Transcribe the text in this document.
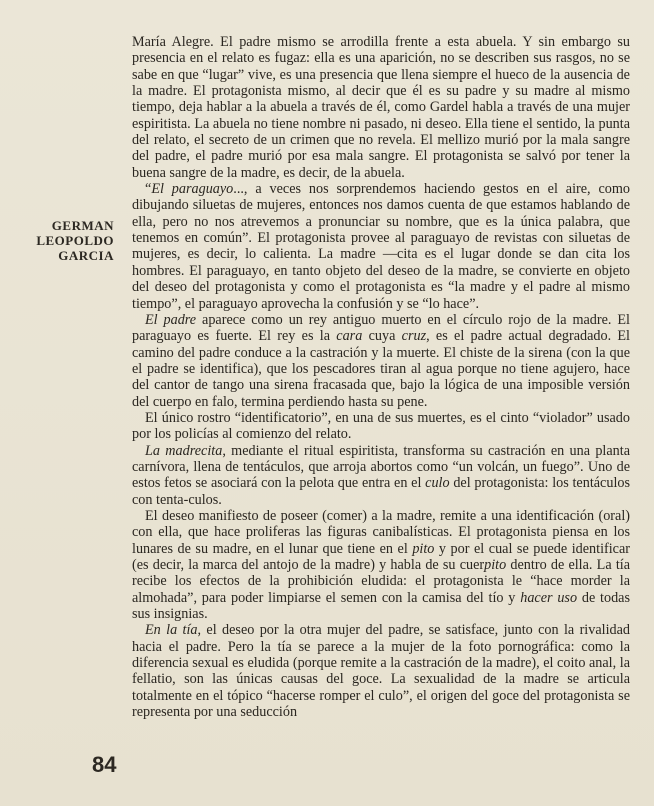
GERMAN
LEOPOLDO
GARCIA

María Alegre. El padre mismo se arrodilla frente a esta abuela. Y sin embargo su presencia en el relato es fugaz: ella es una aparición, no se describen sus rasgos, no se sabe en que “lugar” vive, es una presencia que llena siempre el hueco de la ausencia de la madre. El protagonista mismo, al decir que él es su padre y su madre al mismo tiempo, deja hablar a la abuela a través de él, como Gardel habla a través de una mujer espiritista. La abuela no tiene nombre ni pasado, ni deseo. Ella tiene el sentido, la punta del relato, el secreto de un crimen que no revela. El mellizo murió por la mala sangre del padre, el padre murió por esa mala sangre. El protagonista se salvó por tener la buena sangre de la madre, es decir, de la abuela.

“El paraguayo..., a veces nos sorprendemos haciendo gestos en el aire, como dibujando siluetas de mujeres, entonces nos damos cuenta de que estamos hablando de ella, pero no nos atrevemos a pronunciar su nombre, que es la única palabra, que tenemos en común”. El protagonista provee al paraguayo de revistas con siluetas de mujeres, es decir, lo calienta. La madre —cita es el lugar donde se dan cita los hombres. El paraguayo, en tanto objeto del deseo de la madre, se convierte en objeto del deseo del protagonista y como el protagonista es “la madre y el padre al mismo tiempo”, el paraguayo aprovecha la confusión y se “lo hace”.

El padre aparece como un rey antiguo muerto en el círculo rojo de la madre. El paraguayo es fuerte. El rey es la cara cuya cruz, es el padre actual degradado. El camino del padre conduce a la castración y la muerte. El chiste de la sirena (con la que el padre se identifica), que los pescadores tiran al agua porque no tiene agujero, hace del cantor de tango una sirena fracasada que, bajo la lógica de una imposible versión del cuerpo en falo, termina perdiendo hasta su pene.

El único rostro “identificatorio”, en una de sus muertes, es el cinto “violador” usado por los policías al comienzo del relato.

La madrecita, mediante el ritual espiritista, transforma su castración en una planta carnívora, llena de tentáculos, que arroja abortos como “un volcán, un fuego”. Uno de estos fetos se asociará con la pelota que entra en el culo del protagonista: los tentáculos con tenta-culos.

El deseo manifiesto de poseer (comer) a la madre, remite a una identificación (oral) con ella, que hace proliferas las figuras canibalísticas. El protagonista piensa en los lunares de su madre, en el lunar que tiene en el pito y por el cual se puede identificar (es decir, la marca del antojo de la madre) y habla de su cuerpito dentro de ella. La tía recibe los efectos de la prohibición eludida: el protagonista le “hace morder la almohada”, para poder limpiarse el semen con la camisa del tío y hacer uso de todas sus insignias.

En la tía, el deseo por la otra mujer del padre, se satisface, junto con la rivalidad hacia el padre. Pero la tía se parece a la mujer de la foto pornográfica: como la diferencia sexual es eludida (porque remite a la castración de la madre), el coito anal, la fellatio, son las únicas causas del goce. La sexualidad de la madre se articula totalmente en el tópico “hacerse romper el culo”, el origen del goce del protagonista se representa por una seducción

84
